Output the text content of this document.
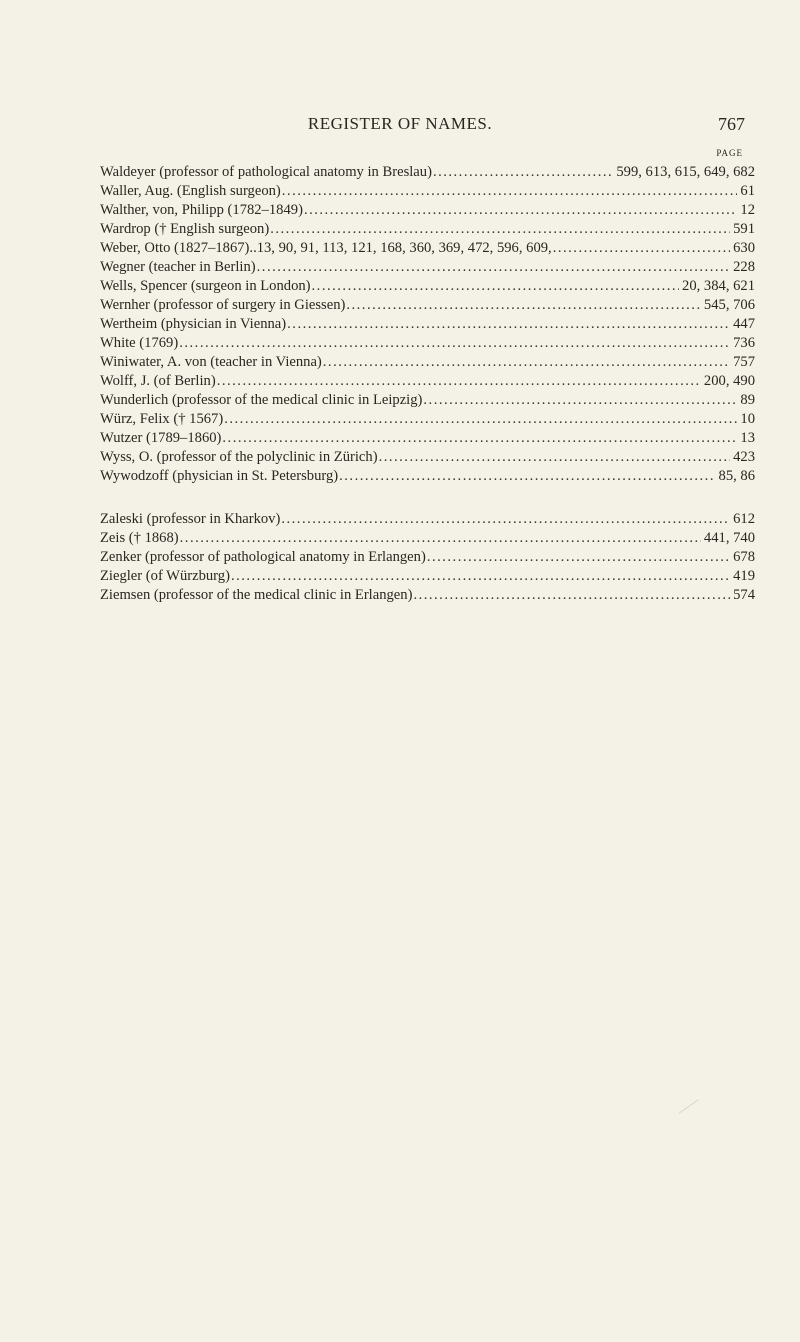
REGISTER OF NAMES.	767
PAGE
Waldeyer (professor of pathological anatomy in Breslau) .....	599, 613, 615, 649, 682
Waller, Aug. (English surgeon) .....	61
Walther, von, Philipp (1782–1849) .....	12
Wardrop († English surgeon) .....	591
Weber, Otto (1827–1867)..13, 90, 91, 113, 121, 168, 360, 369, 472, 596, 609, .....	630
Wegner (teacher in Berlin) .....	228
Wells, Spencer (surgeon in London) .....	20, 384, 621
Wernher (professor of surgery in Giessen) .....	545, 706
Wertheim (physician in Vienna) .....	447
White (1769) .....	736
Winiwater, A. von (teacher in Vienna) .....	757
Wolff, J. (of Berlin) .....	200, 490
Wunderlich (professor of the medical clinic in Leipzig) .....	89
Würz, Felix († 1567) .....	10
Wutzer (1789–1860) .....	13
Wyss, O. (professor of the polyclinic in Zürich) .....	423
Wywodzoff (physician in St. Petersburg) .....	85, 86
Zaleski (professor in Kharkov) .....	612
Zeis († 1868) .....	441, 740
Zenker (professor of pathological anatomy in Erlangen) .....	678
Ziegler (of Würzburg) .....	419
Ziemsen (professor of the medical clinic in Erlangen) .....	574
